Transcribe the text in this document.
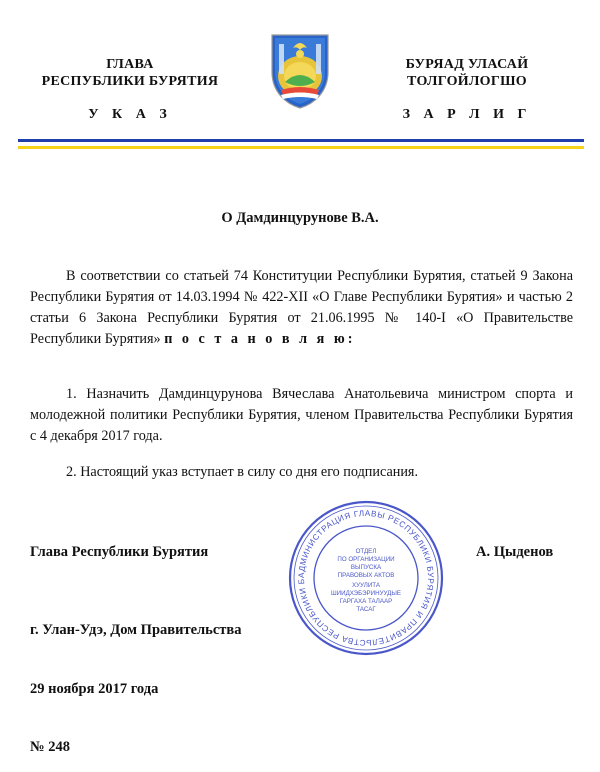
ГЛАВА
РЕСПУБЛИКИ БУРЯТИЯ
У К А З
БУРЯАД УЛАСАЙ
ТОЛГОЙЛОГШО
З А Р Л И Г
О Дамдинцурунове В.А.
В соответствии со статьей 74 Конституции Республики Бурятия, статьей 9 Закона Республики Бурятия от 14.03.1994 № 422-XII «О Главе Республики Бурятия» и частью 2 статьи 6 Закона Республики Бурятия от 21.06.1995 № 140-I «О Правительстве Республики Бурятия» п о с т а н о в л я ю:
1. Назначить Дамдинцурунова Вячеслава Анатольевича министром спорта и молодежной политики Республики Бурятия, членом Правительства Республики Бурятия с 4 декабря 2017 года.
2. Настоящий указ вступает в силу со дня его подписания.
Глава Республики Бурятия	А. Цыденов
г. Улан-Удэ, Дом Правительства
29 ноября 2017 года
№ 248
АДМИНИСТРАЦИЯ ГЛАВЫ РЕСПУБЛИКИ БУРЯТИЯ И ПРАВИТЕЛЬСТВА РЕСПУБЛИКИ Б
ОТДЕЛ
ПО ОРГАНИЗАЦИИ
ВЫПУСКА
ПРАВОВЫХ АКТОВ
ХУУЛИТА
ШИИДХЭБЭРИНУУДЫЕ
ГАРГАХА ТАЛААР
ТАСАГ
